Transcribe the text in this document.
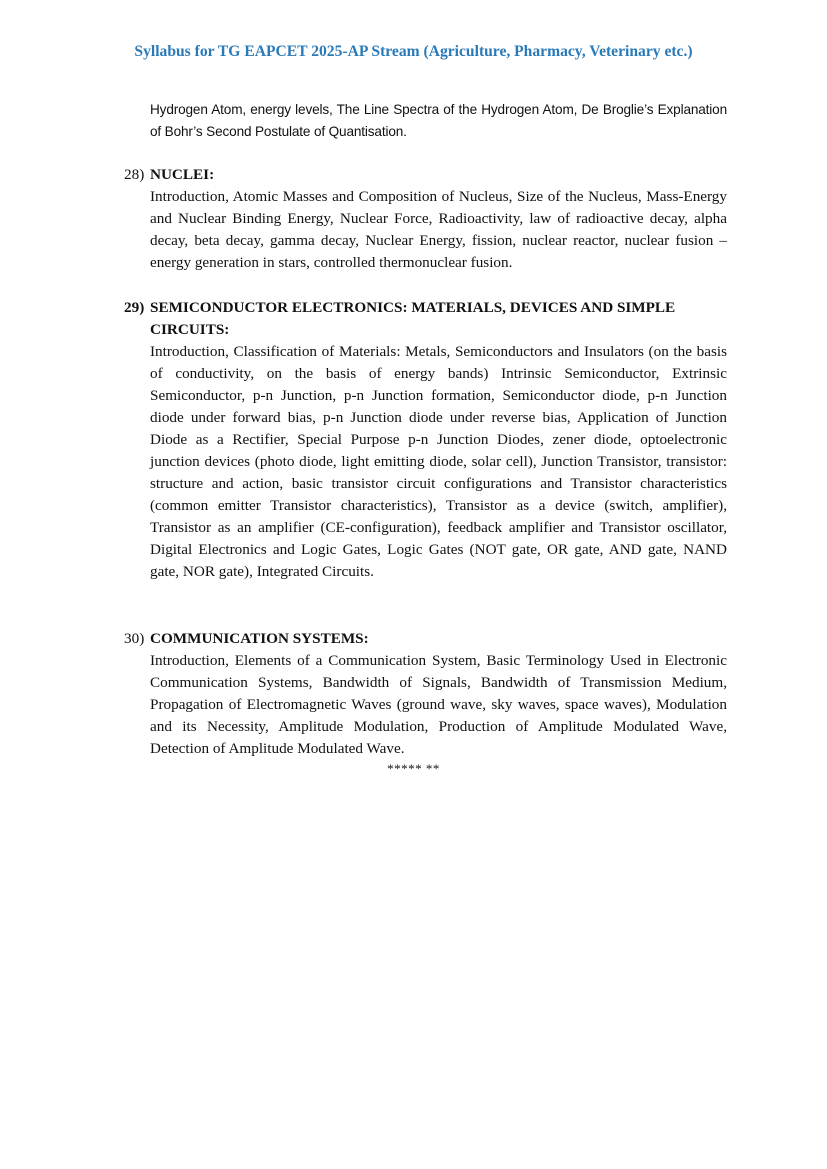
Syllabus for TG EAPCET 2025-AP Stream (Agriculture, Pharmacy, Veterinary etc.)
Hydrogen Atom, energy levels, The Line Spectra of the Hydrogen Atom, De Broglie’s Explanation of Bohr’s Second Postulate of Quantisation.
28) NUCLEI:
Introduction, Atomic Masses and Composition of Nucleus, Size of the Nucleus, Mass-Energy and Nuclear Binding Energy, Nuclear Force, Radioactivity, law of radioactive decay, alpha decay, beta decay, gamma decay, Nuclear Energy, fission, nuclear reactor, nuclear fusion – energy generation in stars, controlled thermonuclear fusion.
29) SEMICONDUCTOR ELECTRONICS: MATERIALS, DEVICES AND SIMPLE CIRCUITS:
Introduction, Classification of Materials: Metals, Semiconductors and Insulators (on the basis of conductivity, on the basis of energy bands) Intrinsic Semiconductor, Extrinsic Semiconductor, p-n Junction, p-n Junction formation, Semiconductor diode, p-n Junction diode under forward bias, p-n Junction diode under reverse bias, Application of Junction Diode as a Rectifier, Special Purpose p-n Junction Diodes, zener diode, optoelectronic junction devices (photo diode, light emitting diode, solar cell), Junction Transistor, transistor: structure and action, basic transistor circuit configurations and Transistor characteristics (common emitter Transistor characteristics), Transistor as a device (switch, amplifier), Transistor as an amplifier (CE-configuration), feedback amplifier and Transistor oscillator, Digital Electronics and Logic Gates, Logic Gates (NOT gate, OR gate, AND gate, NAND gate, NOR gate), Integrated Circuits.
30) COMMUNICATION SYSTEMS:
Introduction, Elements of a Communication System, Basic Terminology Used in Electronic Communication Systems, Bandwidth of Signals, Bandwidth of Transmission Medium, Propagation of Electromagnetic Waves (ground wave, sky waves, space waves), Modulation and its Necessity, Amplitude Modulation, Production of Amplitude Modulated Wave, Detection of Amplitude Modulated Wave.
***** **
